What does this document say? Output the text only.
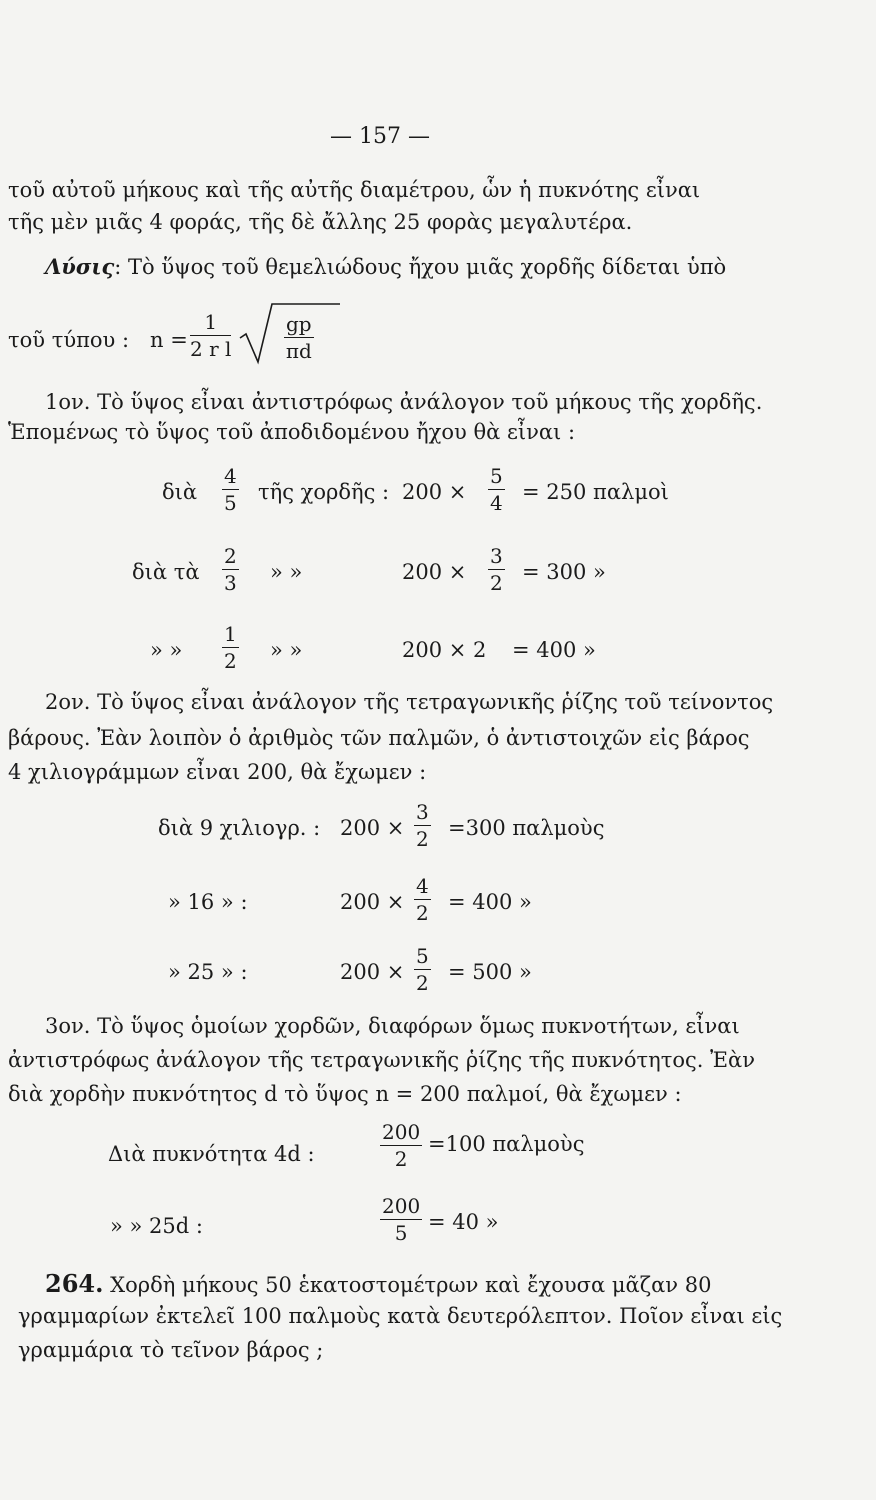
— 157 —
τοῦ αὐτοῦ μήκους καὶ τῆς αὐτῆς διαμέτρου, ὧν ἡ πυκνότης εἶναι
τῆς μὲν μιᾶς 4 φοράς, τῆς δὲ ἄλλης 25 φορὰς μεγαλυτέρα.
Λύσις: Τὸ ὕψος τοῦ θεμελιώδους ἤχου μιᾶς χορδῆς δίδεται ὑπὸ
τοῦ τύπου : $n = \frac{1}{\text{2 r l}}$	$\frac{gp}{\pi d}$
1ον. Τὸ ὕψος εἶναι ἀντιστρόφως ἀνάλογον τοῦ μήκους τῆς χορδῆς.
Ἑπομένως τὸ ὕψος τοῦ ἀποδιδομένου ἤχου θὰ εἶναι :
διὰ $\frac{4}{5}$ τῆς χορδῆς : $200 \times \frac{5}{4} = 250$ παλμοὶ
διὰ τὰ $\frac{2}{3}$ » »	$200 \times \frac{3}{2} = 300$ »
» » $\frac{1}{2}$ » »	200 × 2 = 400 »
2ον. Τὸ ὕψος εἶναι ἀνάλογον τῆς τετραγωνικῆς ῥίζης τοῦ τείνοντος
βάρους. Ἐὰν λοιπὸν ὁ ἀριθμὸς τῶν παλμῶν, ὁ ἀντιστοιχῶν εἰς βάρος
4 χιλιογράμμων εἶναι 200, θὰ ἔχωμεν :
διὰ 9 χιλιογρ. : $200 \times \frac{3}{2} =300$ παλμοὺς
» 16 » :	$200 \times \frac{4}{2} = 400$ »
» 25 » :	$200 \times \frac{5}{2} = 500$ »
3ον. Τὸ ὕψος ὁμοίων χορδῶν, διαφόρων ὅμως πυκνοτήτων, εἶναι
ἀντιστρόφως ἀνάλογον τῆς τετραγωνικῆς ῥίζης τῆς πυκνότητος. Ἐὰν
διὰ χορδὴν πυκνότητος d τὸ ὕψος n = 200 παλμοί, θὰ ἔχωμεν :
Διὰ πυκνότητα 4d :	$\frac{200}{2} =100$ παλμοὺς
» » 25d :	$\frac{200}{5} = 40$ »
264. Χορδὴ μήκους 50 ἑκατοστομέτρων καὶ ἔχουσα μᾶζαν 80
γραμμαρίων ἐκτελεῖ 100 παλμοὺς κατὰ δευτερόλεπτον. Ποῖον εἶναι εἰς
γραμμάρια τὸ τεῖνον βάρος ;
